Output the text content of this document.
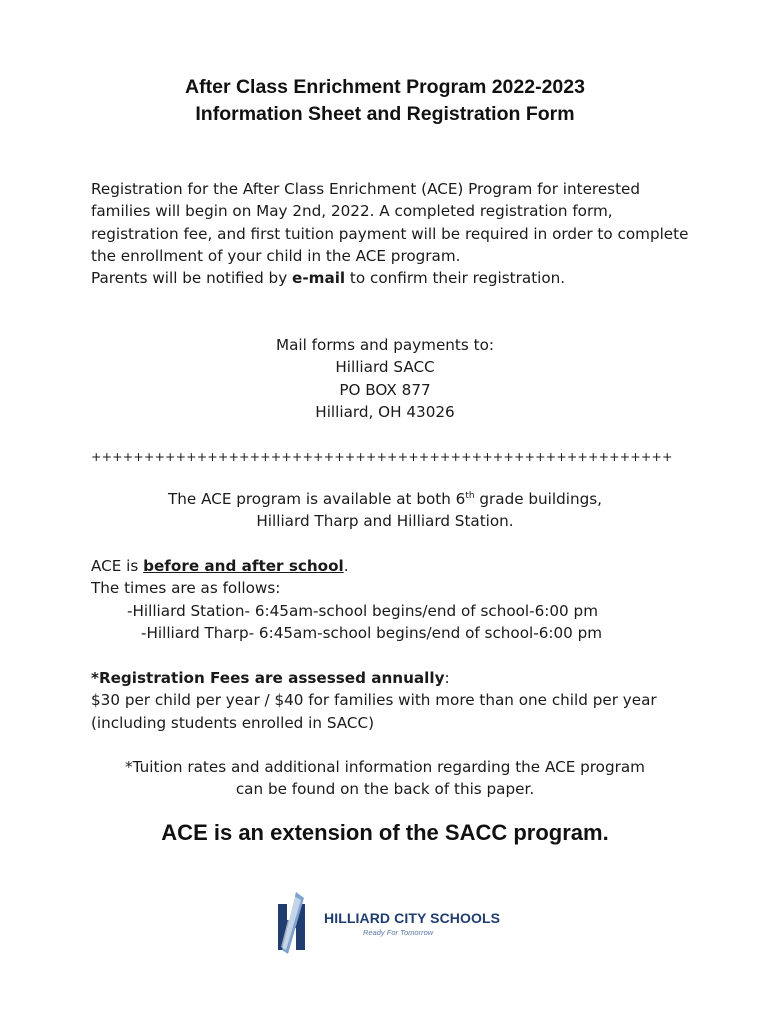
After Class Enrichment Program 2022-2023
Information Sheet and Registration Form

Registration for the After Class Enrichment (ACE) Program for interested families will begin on May 2nd, 2022. A completed registration form, registration fee, and first tuition payment will be required in order to complete the enrollment of your child in the ACE program.

Parents will be notified by e-mail to confirm their registration.

Mail forms and payments to:
Hilliard SACC
PO BOX 877
Hilliard, OH 43026
+++++++++++++++++++++++++++++++++++++++++++++++++++++++
The ACE program is available at both 6th grade buildings,
Hilliard Tharp and Hilliard Station.
ACE is before and after school.
The times are as follows:
-Hilliard Station- 6:45am-school begins/end of school-6:00 pm
-Hilliard Tharp- 6:45am-school begins/end of school-6:00 pm
*Registration Fees are assessed annually:
$30 per child per year / $40 for families with more than one child per year (including students enrolled in SACC)
*Tuition rates and additional information regarding the ACE program
can be found on the back of this paper.
ACE is an extension of the SACC program.
HILLIARD CITY SCHOOLS
Ready For Tomorrow
